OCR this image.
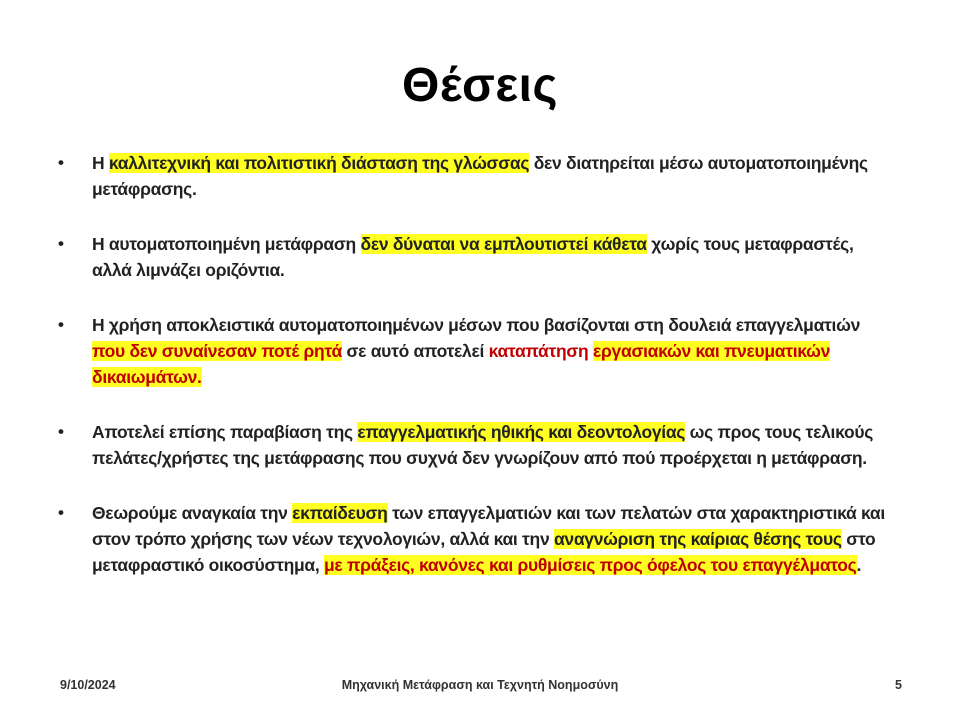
Θέσεις
• Η καλλιτεχνική και πολιτιστική διάσταση της γλώσσας δεν διατηρείται μέσω αυτοματοποιημένης μετάφρασης.
• Η αυτοματοποιημένη μετάφραση δεν δύναται να εμπλουτιστεί κάθετα χωρίς τους μεταφραστές, αλλά λιμνάζει οριζόντια.
• Η χρήση αποκλειστικά αυτοματοποιημένων μέσων που βασίζονται στη δουλειά επαγγελματιών που δεν συναίνεσαν ποτέ ρητά σε αυτό αποτελεί καταπάτηση εργασιακών και πνευματικών δικαιωμάτων.
• Αποτελεί επίσης παραβίαση της επαγγελματικής ηθικής και δεοντολογίας ως προς τους τελικούς πελάτες/χρήστες της μετάφρασης που συχνά δεν γνωρίζουν από πού προέρχεται η μετάφραση.
• Θεωρούμε αναγκαία την εκπαίδευση των επαγγελματιών και των πελατών στα χαρακτηριστικά και στον τρόπο χρήσης των νέων τεχνολογιών, αλλά και την αναγνώριση της καίριας θέσης τους στο μεταφραστικό οικοσύστημα, με πράξεις, κανόνες και ρυθμίσεις προς όφελος του επαγγέλματος.
9/10/2024	Μηχανική Μετάφραση και Τεχνητή Νοημοσύνη	5
